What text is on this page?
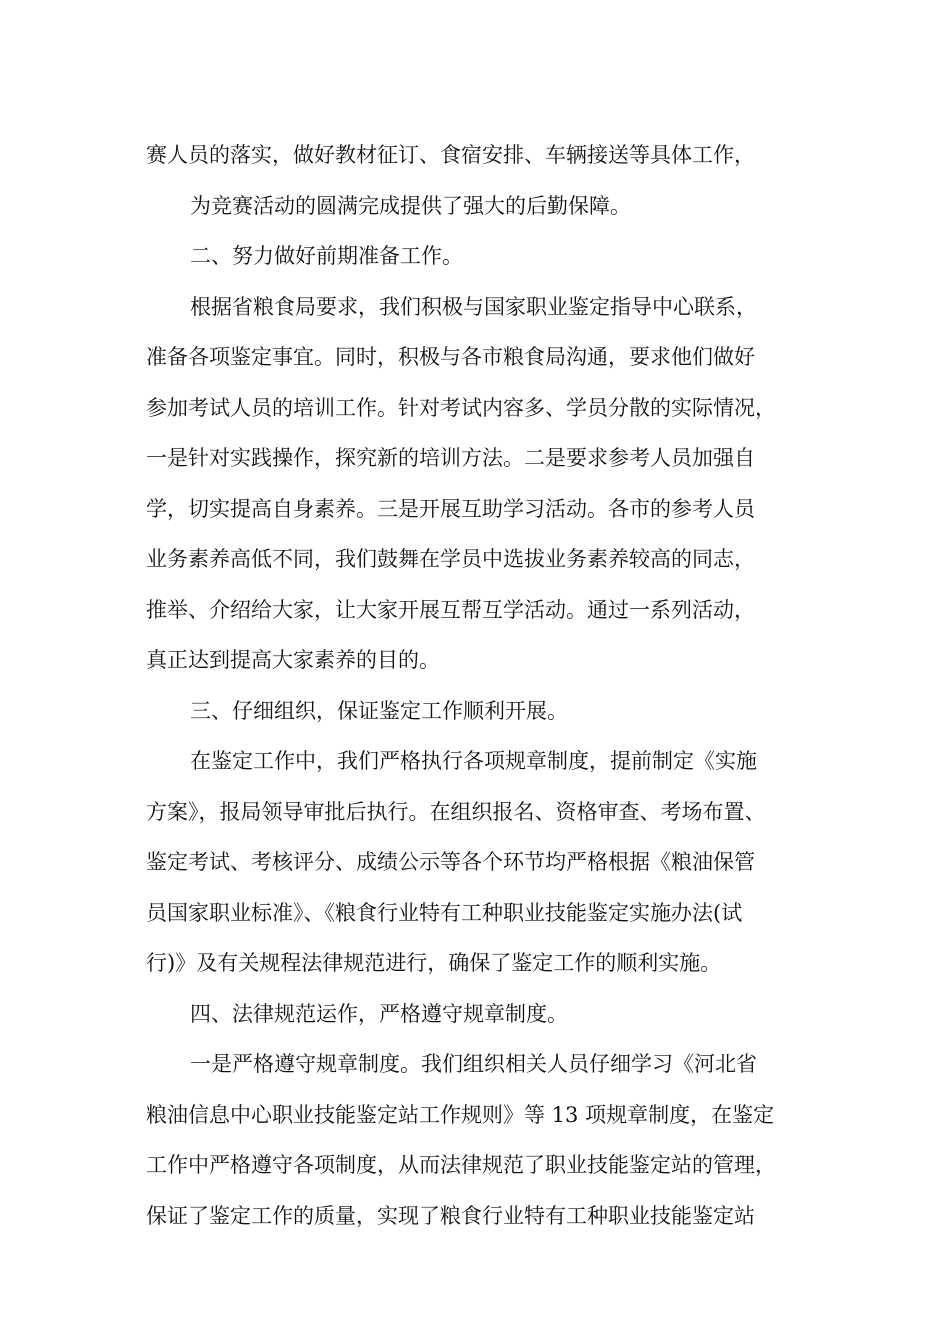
赛人员的落实，做好教材征订、食宿安排、车辆接送等具体工作，
为竞赛活动的圆满完成提供了强大的后勤保障。
二、努力做好前期准备工作。
根据省粮食局要求，我们积极与国家职业鉴定指导中心联系，
准备各项鉴定事宜。同时，积极与各市粮食局沟通，要求他们做好
参加考试人员的培训工作。针对考试内容多、学员分散的实际情况，
一是针对实践操作，探究新的培训方法。二是要求参考人员加强自
学，切实提高自身素养。三是开展互助学习活动。各市的参考人员
业务素养高低不同，我们鼓舞在学员中选拔业务素养较高的同志，
推举、介绍给大家，让大家开展互帮互学活动。通过一系列活动，
真正达到提高大家素养的目的。
三、仔细组织，保证鉴定工作顺利开展。
在鉴定工作中，我们严格执行各项规章制度，提前制定《实施
方案》，报局领导审批后执行。在组织报名、资格审查、考场布置、
鉴定考试、考核评分、成绩公示等各个环节均严格根据《粮油保管
员国家职业标准》、《粮食行业特有工种职业技能鉴定实施办法(试
行)》及有关规程法律规范进行，确保了鉴定工作的顺利实施。
四、法律规范运作，严格遵守规章制度。
一是严格遵守规章制度。我们组织相关人员仔细学习《河北省
粮油信息中心职业技能鉴定站工作规则》等 13 项规章制度，在鉴定
工作中严格遵守各项制度，从而法律规范了职业技能鉴定站的管理，
保证了鉴定工作的质量，实现了粮食行业特有工种职业技能鉴定站
